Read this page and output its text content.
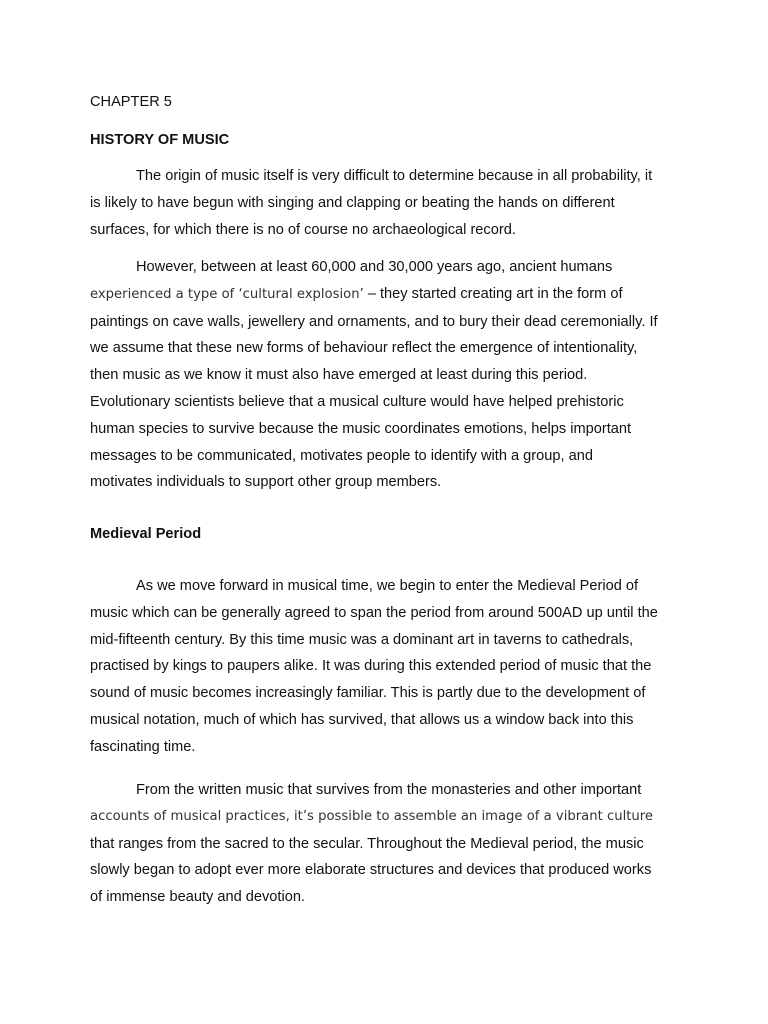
CHAPTER 5
HISTORY OF MUSIC
The origin of music itself is very difficult to determine because in all probability, it
is likely to have begun with singing and clapping or beating the hands on different
surfaces, for which there is no of course no archaeological record.
However, between at least 60,000 and 30,000 years ago, ancient humans
experienced a type of ‘cultural explosion’ – they started creating art in the form of
paintings on cave walls, jewellery and ornaments, and to bury their dead ceremonially. If
we assume that these new forms of behaviour reflect the emergence of intentionality,
then music as we know it must also have emerged at least during this period.
Evolutionary scientists believe that a musical culture would have helped prehistoric
human species to survive because the music coordinates emotions, helps important
messages to be communicated, motivates people to identify with a group, and
motivates individuals to support other group members.
Medieval Period
As we move forward in musical time, we begin to enter the Medieval Period of
music which can be generally agreed to span the period from around 500AD up until the
mid-fifteenth century. By this time music was a dominant art in taverns to cathedrals,
practised by kings to paupers alike. It was during this extended period of music that the
sound of music becomes increasingly familiar. This is partly due to the development of
musical notation, much of which has survived, that allows us a window back into this
fascinating time.
From the written music that survives from the monasteries and other important
accounts of musical practices, it’s possible to assemble an image of a vibrant culture
that ranges from the sacred to the secular. Throughout the Medieval period, the music
slowly began to adopt ever more elaborate structures and devices that produced works
of immense beauty and devotion.
